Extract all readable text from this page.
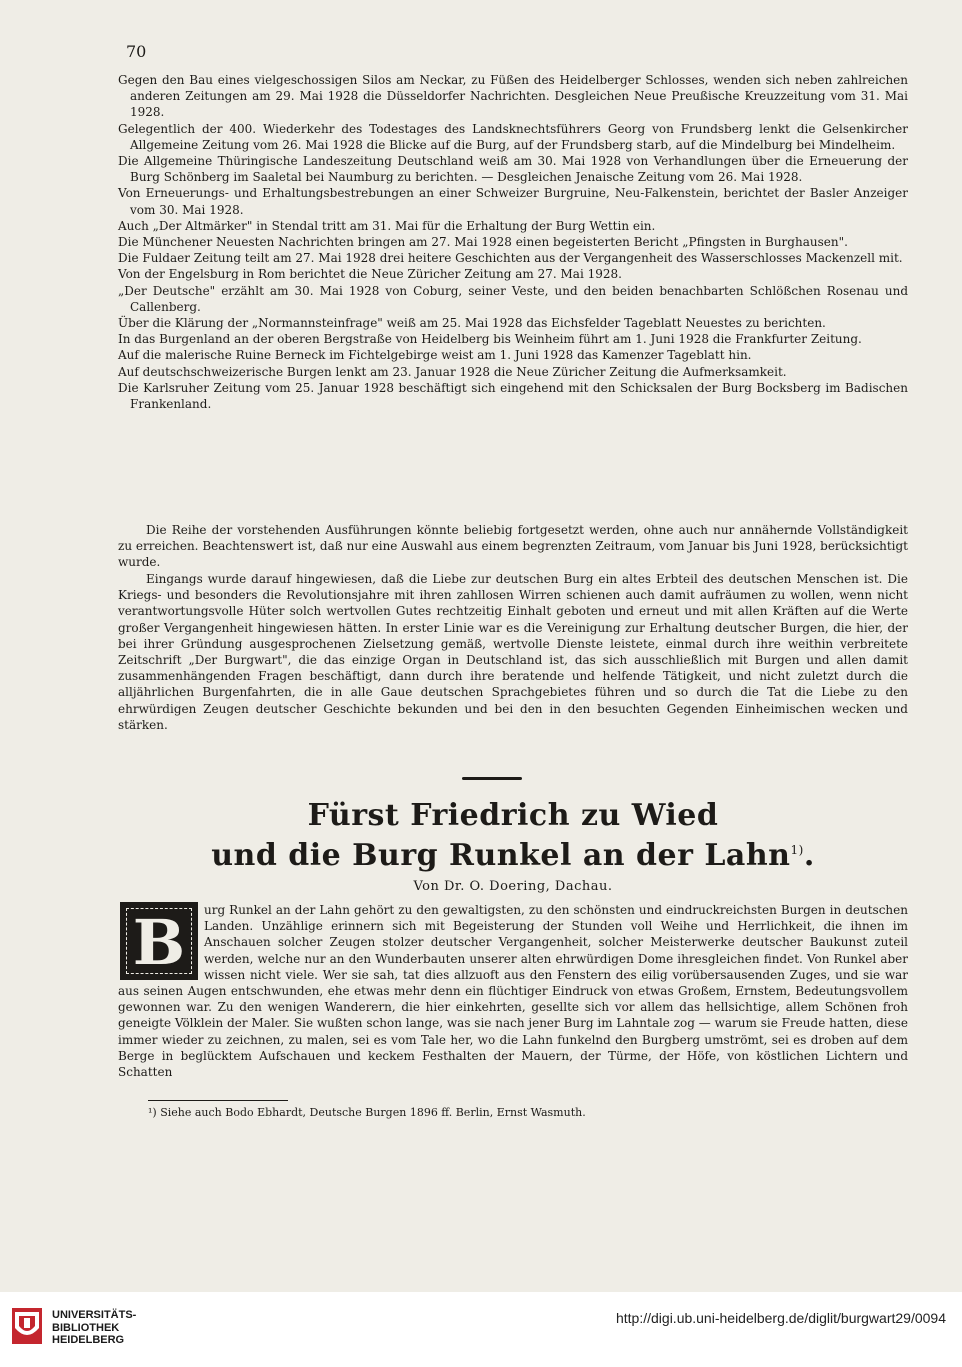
70

Gegen den Bau eines vielgeschossigen Silos am Neckar, zu Füßen des Heidelberger Schlosses, wenden sich neben zahlreichen anderen Zeitungen am 29. Mai 1928 die Düsseldorfer Nachrichten. Desgleichen Neue Preußische Kreuzzeitung vom 31. Mai 1928.

Gelegentlich der 400. Wiederkehr des Todestages des Landsknechtsführers Georg von Frundsberg lenkt die Gelsenkircher Allgemeine Zeitung vom 26. Mai 1928 die Blicke auf die Burg, auf der Frundsberg starb, auf die Mindelburg bei Mindelheim.

Die Allgemeine Thüringische Landeszeitung Deutschland weiß am 30. Mai 1928 von Verhandlungen über die Erneuerung der Burg Schönberg im Saaletal bei Naumburg zu berichten. — Desgleichen Jenaische Zeitung vom 26. Mai 1928.

Von Erneuerungs- und Erhaltungsbestrebungen an einer Schweizer Burgruine, Neu-Falkenstein, berichtet der Basler Anzeiger vom 30. Mai 1928.

Auch „Der Altmärker" in Stendal tritt am 31. Mai für die Erhaltung der Burg Wettin ein.

Die Münchener Neuesten Nachrichten bringen am 27. Mai 1928 einen begeisterten Bericht „Pfingsten in Burghausen".

Die Fuldaer Zeitung teilt am 27. Mai 1928 drei heitere Geschichten aus der Vergangenheit des Wasserschlosses Mackenzell mit.

Von der Engelsburg in Rom berichtet die Neue Züricher Zeitung am 27. Mai 1928.

„Der Deutsche" erzählt am 30. Mai 1928 von Coburg, seiner Veste, und den beiden benachbarten Schlößchen Rosenau und Callenberg.

Über die Klärung der „Normannsteinfrage" weiß am 25. Mai 1928 das Eichsfelder Tageblatt Neuestes zu berichten.

In das Burgenland an der oberen Bergstraße von Heidelberg bis Weinheim führt am 1. Juni 1928 die Frankfurter Zeitung.

Auf die malerische Ruine Berneck im Fichtelgebirge weist am 1. Juni 1928 das Kamenzer Tageblatt hin.

Auf deutschschweizerische Burgen lenkt am 23. Januar 1928 die Neue Züricher Zeitung die Aufmerksamkeit.

Die Karlsruher Zeitung vom 25. Januar 1928 beschäftigt sich eingehend mit den Schicksalen der Burg Bocksberg im Badischen Frankenland.

Die Reihe der vorstehenden Ausführungen könnte beliebig fortgesetzt werden, ohne auch nur annähernde Vollständigkeit zu erreichen. Beachtenswert ist, daß nur eine Auswahl aus einem begrenzten Zeitraum, vom Januar bis Juni 1928, berücksichtigt wurde.

Eingangs wurde darauf hingewiesen, daß die Liebe zur deutschen Burg ein altes Erbteil des deutschen Menschen ist. Die Kriegs- und besonders die Revolutionsjahre mit ihren zahllosen Wirren schienen auch damit aufräumen zu wollen, wenn nicht verantwortungsvolle Hüter solch wertvollen Gutes rechtzeitig Einhalt geboten und erneut und mit allen Kräften auf die Werte großer Vergangenheit hingewiesen hätten. In erster Linie war es die Vereinigung zur Erhaltung deutscher Burgen, die hier, der bei ihrer Gründung ausgesprochenen Zielsetzung gemäß, wertvolle Dienste leistete, einmal durch ihre weithin verbreitete Zeitschrift „Der Burgwart", die das einzige Organ in Deutschland ist, das sich ausschließlich mit Burgen und allen damit zusammenhängenden Fragen beschäftigt, dann durch ihre beratende und helfende Tätigkeit, und nicht zuletzt durch die alljährlichen Burgenfahrten, die in alle Gaue deutschen Sprachgebietes führen und so durch die Tat die Liebe zu den ehrwürdigen Zeugen deutscher Geschichte bekunden und bei den in den besuchten Gegenden Einheimischen wecken und stärken.

Fürst Friedrich zu Wied
und die Burg Runkel an der Lahn$^{1)}$.
Von Dr. O. Doering, Dachau.
B	urg Runkel an der Lahn gehört zu den gewaltigsten, zu den schönsten und eindruckreichsten Burgen in deutschen Landen. Unzählige erinnern sich mit Begeisterung der Stunden voll Weihe und Herrlichkeit, die ihnen im Anschauen solcher Zeugen stolzer deutscher Vergangenheit, solcher Meisterwerke deutscher Baukunst zuteil werden, welche nur an den Wunderbauten unserer alten ehrwürdigen Dome ihresgleichen findet. Von Runkel aber wissen nicht viele. Wer sie sah, tat dies allzuoft aus den Fenstern des eilig vorübersausenden Zuges, und sie war aus seinen Augen entschwunden, ehe etwas mehr denn ein flüchtiger Eindruck von etwas Großem, Ernstem, Bedeutungsvollem gewonnen war. Zu den wenigen Wanderern, die hier einkehrten, gesellte sich vor allem das hellsichtige, allem Schönen froh geneigte Völklein der Maler. Sie wußten schon lange, was sie nach jener Burg im Lahntale zog — warum sie Freude hatten, diese immer wieder zu zeichnen, zu malen, sei es vom Tale her, wo die Lahn funkelnd den Burgberg umströmt, sei es droben auf dem Berge in beglücktem Aufschauen und keckem Festhalten der Mauern, der Türme, der Höfe, von köstlichen Lichtern und Schatten

¹) Siehe auch Bodo Ebhardt, Deutsche Burgen 1896 ff. Berlin, Ernst Wasmuth.
UNIVERSITÄTS-
BIBLIOTHEK
HEIDELBERG
http://digi.ub.uni-heidelberg.de/diglit/burgwart29/0094
